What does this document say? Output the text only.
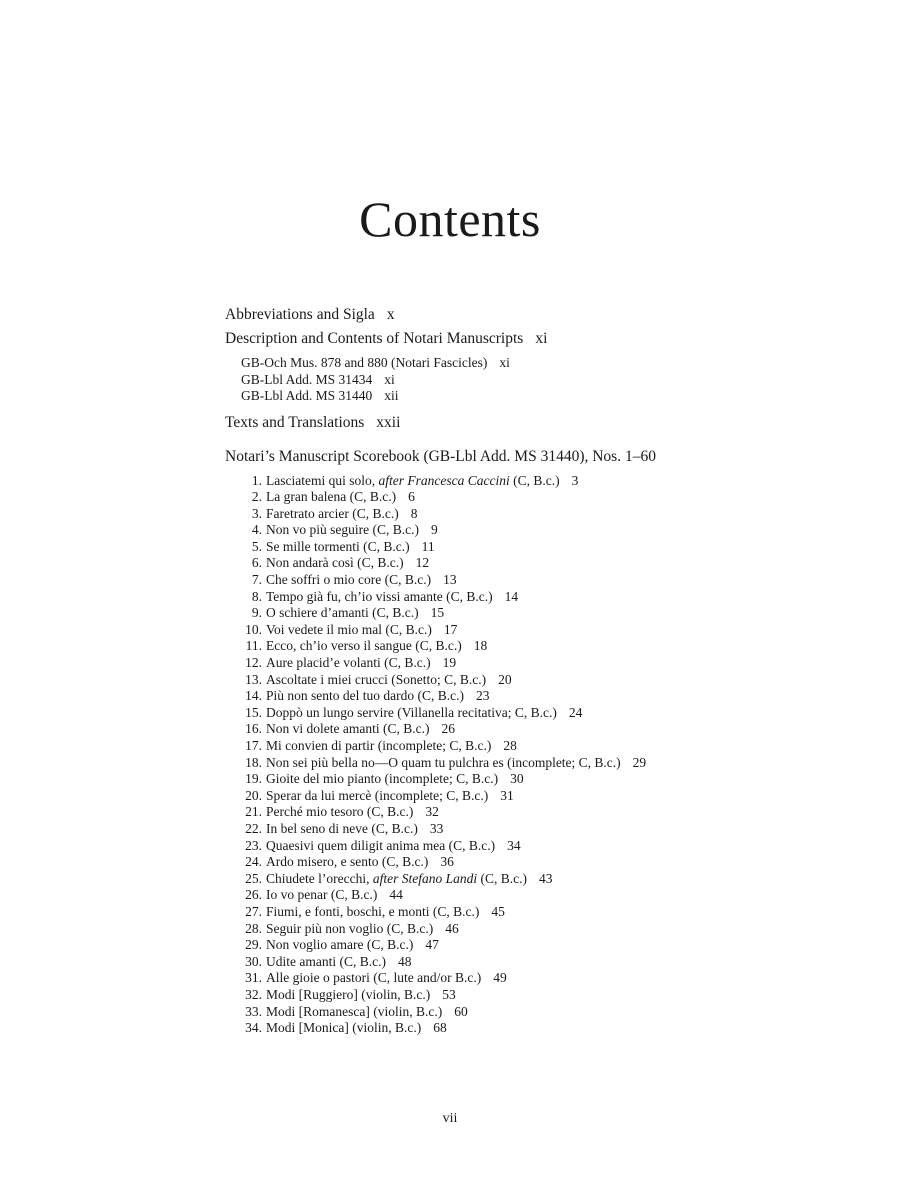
Contents
Abbreviations and Sigla x
Description and Contents of Notari Manuscripts xi
GB-Och Mus. 878 and 880 (Notari Fascicles) xi
GB-Lbl Add. MS 31434 xi
GB-Lbl Add. MS 31440 xii
Texts and Translations xxii
Notari’s Manuscript Scorebook (GB-Lbl Add. MS 31440), Nos. 1–60
1. Lasciatemi qui solo, after Francesca Caccini (C, B.c.) 3
2. La gran balena (C, B.c.) 6
3. Faretrato arcier (C, B.c.) 8
4. Non vo più seguire (C, B.c.) 9
5. Se mille tormenti (C, B.c.) 11
6. Non andarà così (C, B.c.) 12
7. Che soffri o mio core (C, B.c.) 13
8. Tempo già fu, ch’io vissi amante (C, B.c.) 14
9. O schiere d’amanti (C, B.c.) 15
10. Voi vedete il mio mal (C, B.c.) 17
11. Ecco, ch’io verso il sangue (C, B.c.) 18
12. Aure placid’e volanti (C, B.c.) 19
13. Ascoltate i miei crucci (Sonetto; C, B.c.) 20
14. Più non sento del tuo dardo (C, B.c.) 23
15. Doppò un lungo servire (Villanella recitativa; C, B.c.) 24
16. Non vi dolete amanti (C, B.c.) 26
17. Mi convien di partir (incomplete; C, B.c.) 28
18. Non sei più bella no—O quam tu pulchra es (incomplete; C, B.c.) 29
19. Gioite del mio pianto (incomplete; C, B.c.) 30
20. Sperar da lui mercè (incomplete; C, B.c.) 31
21. Perché mio tesoro (C, B.c.) 32
22. In bel seno di neve (C, B.c.) 33
23. Quaesivi quem diligit anima mea (C, B.c.) 34
24. Ardo misero, e sento (C, B.c.) 36
25. Chiudete l’orecchi, after Stefano Landi (C, B.c.) 43
26. Io vo penar (C, B.c.) 44
27. Fiumi, e fonti, boschi, e monti (C, B.c.) 45
28. Seguir più non voglio (C, B.c.) 46
29. Non voglio amare (C, B.c.) 47
30. Udite amanti (C, B.c.) 48
31. Alle gioie o pastori (C, lute and/or B.c.) 49
32. Modi [Ruggiero] (violin, B.c.) 53
33. Modi [Romanesca] (violin, B.c.) 60
34. Modi [Monica] (violin, B.c.) 68
vii
